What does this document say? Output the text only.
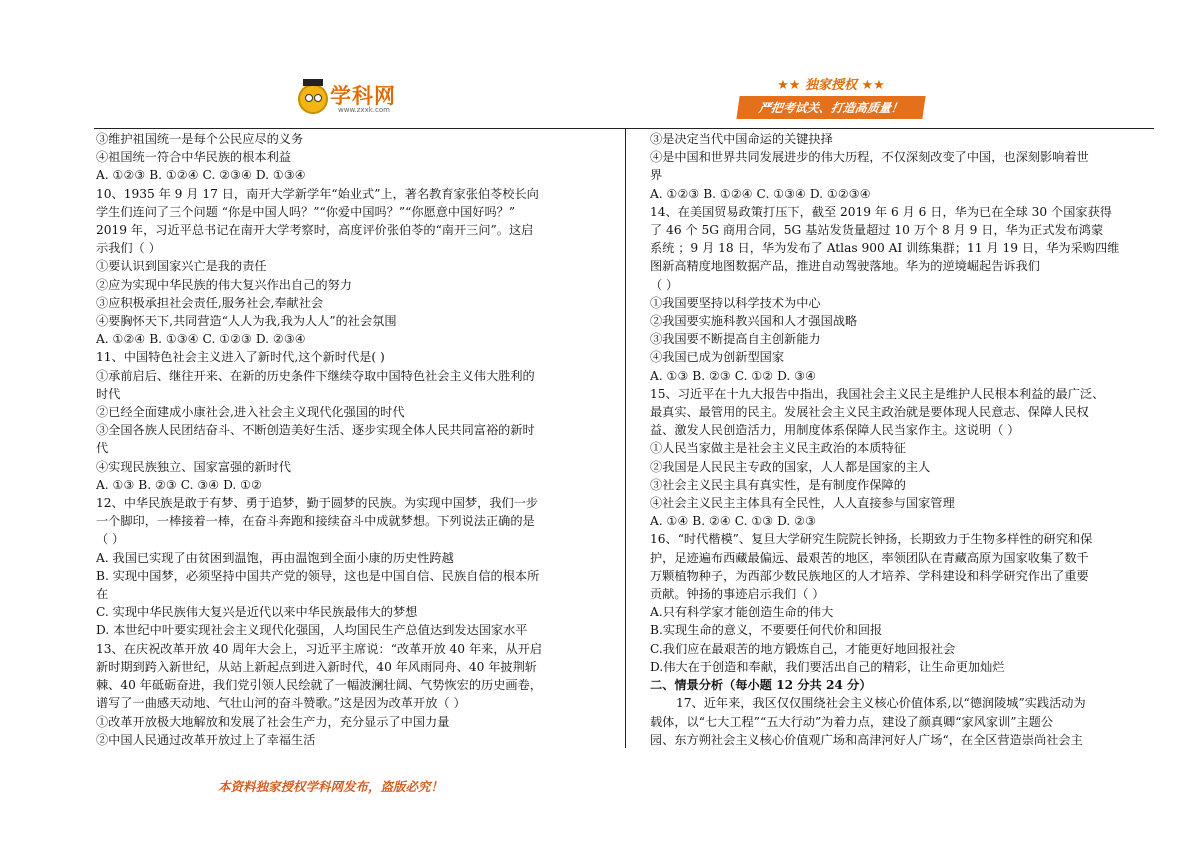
学科网
www.zxxk.com
★★ 独家授权 ★★
严把考试关、打造高质量！
③维护祖国统一是每个公民应尽的义务
④祖国统一符合中华民族的根本利益
A. ①②③ B. ①②④ C. ②③④ D. ①③④
10、1935 年 9 月 17 日，南开大学新学年“始业式”上，著名教育家张伯苓校长向
学生们连问了三个问题 “你是中国人吗？”“你爱中国吗？”“你愿意中国好吗？”
2019 年，习近平总书记在南开大学考察时，高度评价张伯苓的“南开三问”。这启
示我们（ ）
①要认识到国家兴亡是我的责任
②应为实现中华民族的伟大复兴作出自己的努力
③应积极承担社会责任,服务社会,奉献社会
④要胸怀天下,共同营造“人人为我,我为人人”的社会氛围
A. ①②④ B. ①③④ C. ①②③ D. ②③④
11、中国特色社会主义进入了新时代,这个新时代是( )
①承前启后、继往开来、在新的历史条件下继续夺取中国特色社会主义伟大胜利的
时代
②已经全面建成小康社会,进入社会主义现代化强国的时代
③全国各族人民团结奋斗、不断创造美好生活、逐步实现全体人民共同富裕的新时
代
④实现民族独立、国家富强的新时代
A. ①③ B. ②③ C. ③④ D. ①②
12、中华民族是敢于有梦、勇于追梦，勤于圆梦的民族。为实现中国梦，我们一步
一个脚印，一棒接着一棒，在奋斗奔跑和接续奋斗中成就梦想。下列说法正确的是
（ ）
A. 我国已实现了由贫困到温饱，再由温饱到全面小康的历史性跨越
B. 实现中国梦，必须坚持中国共产党的领导，这也是中国自信、民族自信的根本所
在
C. 实现中华民族伟大复兴是近代以来中华民族最伟大的梦想
D. 本世纪中叶要实现社会主义现代化强国，人均国民生产总值达到发达国家水平
13、在庆祝改革开放 40 周年大会上，习近平主席说：“改革开放 40 年来，从开启
新时期到跨入新世纪，从站上新起点到进入新时代，40 年风雨同舟、40 年披荆斩
棘、40 年砥砺奋进，我们党引领人民绘就了一幅波澜壮阔、气势恢宏的历史画卷，
谱写了一曲感天动地、气壮山河的奋斗赞歌。”这是因为改革开放（ ）
①改革开放极大地解放和发展了社会生产力，充分显示了中国力量
②中国人民通过改革开放过上了幸福生活
③是决定当代中国命运的关键抉择
④是中国和世界共同发展进步的伟大历程，不仅深刻改变了中国，也深刻影响着世
界
A. ①②③ B. ①②④ C. ①③④ D. ①②③④
14、在美国贸易政策打压下，截至 2019 年 6 月 6 日，华为已在全球 30 个国家获得
了 46 个 5G 商用合同，5G 基站发货量超过 10 万个 8 月 9 日，华为正式发布鸿蒙
系统 ；9 月 18 日，华为发布了 Atlas 900 AI 训练集群；11 月 19 日，华为采购四维
图新高精度地图数据产品，推进自动驾驶落地。华为的逆境崛起告诉我们
（ ）
①我国要坚持以科学技术为中心
②我国要实施科教兴国和人才强国战略
③我国要不断提高自主创新能力
④我国已成为创新型国家
A. ①③ B. ②③ C. ①② D. ③④
15、习近平在十九大报告中指出，我国社会主义民主是维护人民根本利益的最广泛、
最真实、最管用的民主。发展社会主义民主政治就是要体现人民意志、保障人民权
益、激发人民创造活力，用制度体系保障人民当家作主。这说明（ ）
①人民当家做主是社会主义民主政治的本质特征
②我国是人民民主专政的国家，人人都是国家的主人
③社会主义民主具有真实性，是有制度作保障的
④社会主义民主主体具有全民性，人人直接参与国家管理
A. ①④ B. ②④ C. ①③ D. ②③
16、“时代楷模”、复旦大学研究生院院长钟扬，长期致力于生物多样性的研究和保
护，足迹遍布西藏最偏远、最艰苦的地区，率领团队在青藏高原为国家收集了数千
万颗植物种子，为西部少数民族地区的人才培养、学科建设和科学研究作出了重要
贡献。钟扬的事迹启示我们（ ）
A.只有科学家才能创造生命的伟大
B.实现生命的意义，不要要任何代价和回报
C.我们应在最艰苦的地方锻炼自己，才能更好地回报社会
D.伟大在于创造和奉献，我们要活出自己的精彩，让生命更加灿烂
二、情景分析（每小题 12 分共 24 分）
17、近年来，我区仅仅围绕社会主义核心价值体系,以“德润陵城”实践活动为
载体，以“七大工程”“五大行动”为着力点，建设了颜真卿“家风家训”主题公
园、东方朔社会主义核心价值观广场和高津河好人广场“，在全区营造崇尚社会主
本资料独家授权学科网发布，盗版必究！
